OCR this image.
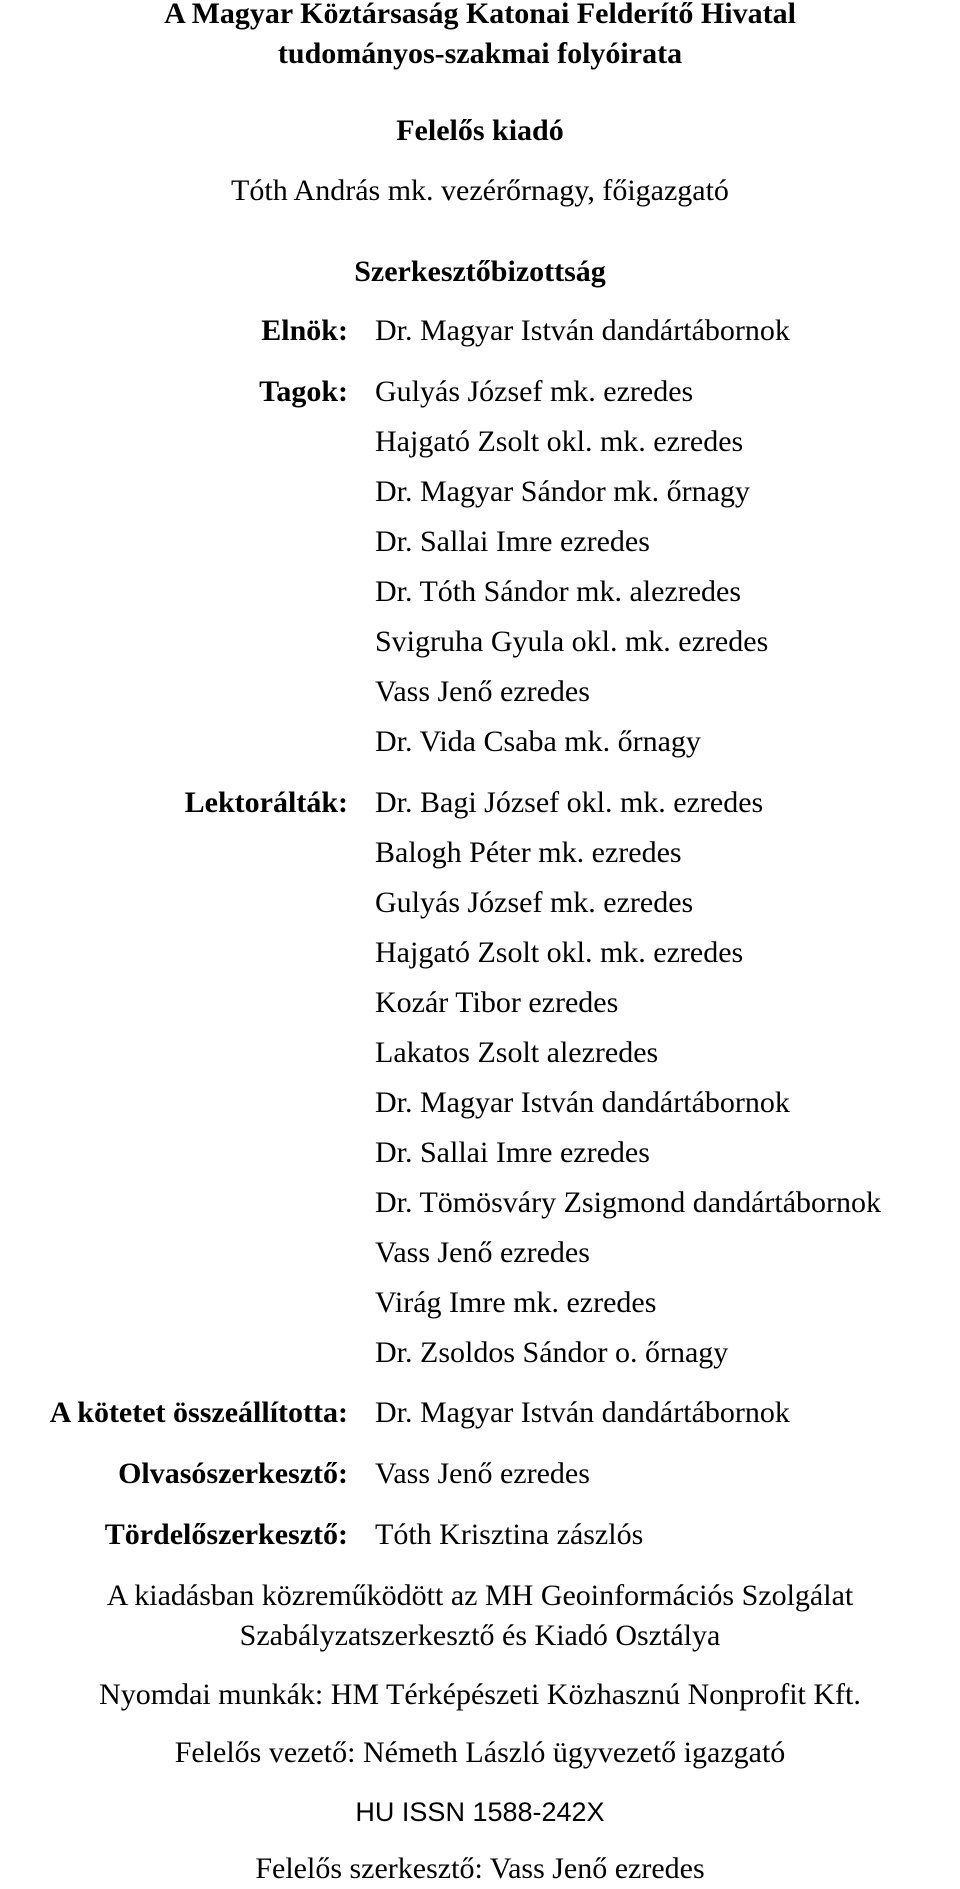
A Magyar Köztársaság Katonai Felderítő Hivatal
tudományos-szakmai folyóirata
Felelős kiadó
Tóth András mk. vezérőrnagy, főigazgató
Szerkesztőbizottság
Elnök: Dr. Magyar István dandártábornok
Tagok: Gulyás József mk. ezredes
Hajgató Zsolt okl. mk. ezredes
Dr. Magyar Sándor mk. őrnagy
Dr. Sallai Imre ezredes
Dr. Tóth Sándor mk. alezredes
Svigruha Gyula okl. mk. ezredes
Vass Jenő ezredes
Dr. Vida Csaba mk. őrnagy
Lektorálták: Dr. Bagi József okl. mk. ezredes
Balogh Péter mk. ezredes
Gulyás József mk. ezredes
Hajgató Zsolt okl. mk. ezredes
Kozár Tibor ezredes
Lakatos Zsolt alezredes
Dr. Magyar István dandártábornok
Dr. Sallai Imre ezredes
Dr. Tömösváry Zsigmond dandártábornok
Vass Jenő ezredes
Virág Imre mk. ezredes
Dr. Zsoldos Sándor o. őrnagy
A kötetet összeállította: Dr. Magyar István dandártábornok
Olvasószerkesztő: Vass Jenő ezredes
Tördelőszerkesztő: Tóth Krisztina zászlós
A kiadásban közreműködött az MH Geoinformációs Szolgálat
Szabályzatszerkesztő és Kiadó Osztálya
Nyomdai munkák: HM Térképészeti Közhasznú Nonprofit Kft.
Felelős vezető: Németh László ügyvezető igazgató
HU ISSN 1588-242X
Felelős szerkesztő: Vass Jenő ezredes
